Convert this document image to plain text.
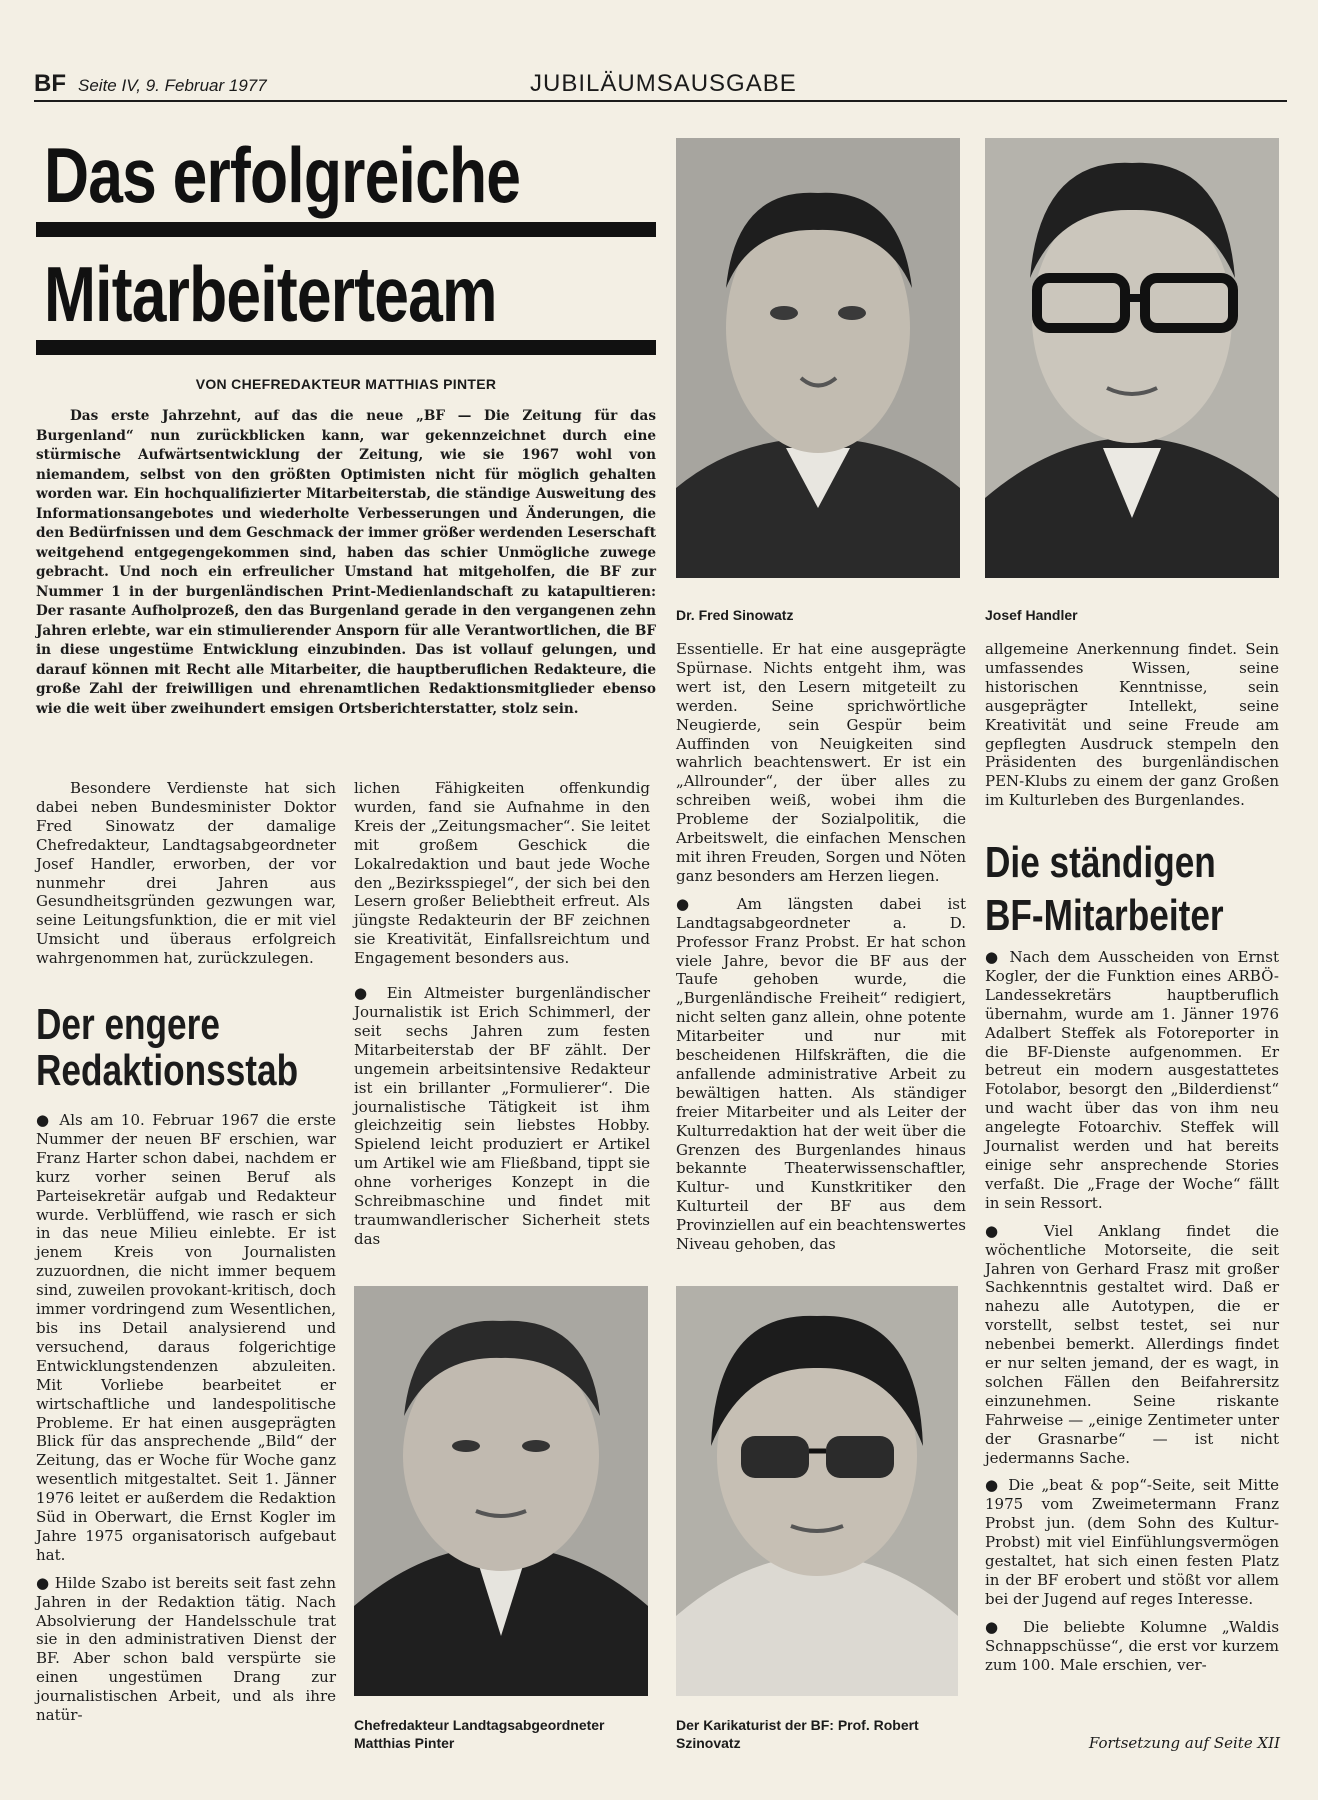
BF Seite IV, 9. Februar 1977	JUBILÄUMSAUSGABE
Das erfolgreiche
Mitarbeiterteam
VON CHEFREDAKTEUR MATTHIAS PINTER
Das erste Jahrzehnt, auf das die neue „BF — Die Zeitung für das Burgenland“ nun zurückblicken kann, war gekennzeichnet durch eine stürmische Aufwärtsentwicklung der Zeitung, wie sie 1967 wohl von niemandem, selbst von den größten Optimisten nicht für möglich gehalten worden war. Ein hochqualifizierter Mitarbeiterstab, die ständige Ausweitung des Informationsangebotes und wiederholte Verbesserungen und Änderungen, die den Bedürfnissen und dem Geschmack der immer größer werdenden Leserschaft weitgehend entgegengekommen sind, haben das schier Unmögliche zuwege gebracht. Und noch ein erfreulicher Umstand hat mitgeholfen, die BF zur Nummer 1 in der burgenländischen Print-Medienlandschaft zu katapultieren: Der rasante Aufholprozeß, den das Burgenland gerade in den vergangenen zehn Jahren erlebte, war ein stimulierender Ansporn für alle Verantwortlichen, die BF in diese ungestüme Entwicklung einzubinden. Das ist vollauf gelungen, und darauf können mit Recht alle Mitarbeiter, die hauptberuflichen Redakteure, die große Zahl der freiwilligen und ehrenamtlichen Redaktionsmitglieder ebenso wie die weit über zweihundert emsigen Ortsberichterstatter, stolz sein.
Dr. Fred Sinowatz	Josef Handler

Besondere Verdienste hat sich dabei neben Bundesminister Doktor Fred Sinowatz der damalige Chefredakteur, Landtagsabgeordneter Josef Handler, erworben, der vor nunmehr drei Jahren aus Gesundheitsgründen gezwungen war, seine Leitungsfunktion, die er mit viel Umsicht und überaus erfolgreich wahrgenommen hat, zurückzulegen.

Der engere Redaktionsstab

● Als am 10. Februar 1967 die erste Nummer der neuen BF erschien, war Franz Harter schon dabei, nachdem er kurz vorher seinen Beruf als Parteisekretär aufgab und Redakteur wurde. Verblüffend, wie rasch er sich in das neue Milieu einlebte. Er ist jenem Kreis von Journalisten zuzuordnen, die nicht immer bequem sind, zuweilen provokant-kritisch, doch immer vordringend zum Wesentlichen, bis ins Detail analysierend und versuchend, daraus folgerichtige Entwicklungstendenzen abzuleiten. Mit Vorliebe bearbeitet er wirtschaftliche und landespolitische Probleme. Er hat einen ausgeprägten Blick für das ansprechende „Bild“ der Zeitung, das er Woche für Woche ganz wesentlich mitgestaltet. Seit 1. Jänner 1976 leitet er außerdem die Redaktion Süd in Oberwart, die Ernst Kogler im Jahre 1975 organisatorisch aufgebaut hat.

● Hilde Szabo ist bereits seit fast zehn Jahren in der Redaktion tätig. Nach Absolvierung der Handelsschule trat sie in den administrativen Dienst der BF. Aber schon bald verspürte sie einen ungestümen Drang zur journalistischen Arbeit, und als ihre natür-

lichen Fähigkeiten offenkundig wurden, fand sie Aufnahme in den Kreis der „Zeitungsmacher“. Sie leitet mit großem Geschick die Lokalredaktion und baut jede Woche den „Bezirksspiegel“, der sich bei den Lesern großer Beliebtheit erfreut. Als jüngste Redakteurin der BF zeichnen sie Kreativität, Einfallsreichtum und Engagement besonders aus.

● Ein Altmeister burgenländischer Journalistik ist Erich Schimmerl, der seit sechs Jahren zum festen Mitarbeiterstab der BF zählt. Der ungemein arbeitsintensive Redakteur ist ein brillanter „Formulierer“. Die journalistische Tätigkeit ist ihm gleichzeitig sein liebstes Hobby. Spielend leicht produziert er Artikel um Artikel wie am Fließband, tippt sie ohne vorheriges Konzept in die Schreibmaschine und findet mit traumwandlerischer Sicherheit stets das

Essentielle. Er hat eine ausgeprägte Spürnase. Nichts entgeht ihm, was wert ist, den Lesern mitgeteilt zu werden. Seine sprichwörtliche Neugierde, sein Gespür beim Auffinden von Neuigkeiten sind wahrlich beachtenswert. Er ist ein „Allrounder“, der über alles zu schreiben weiß, wobei ihm die Probleme der Sozialpolitik, die Arbeitswelt, die einfachen Menschen mit ihren Freuden, Sorgen und Nöten ganz besonders am Herzen liegen.

● Am längsten dabei ist Landtagsabgeordneter a. D. Professor Franz Probst. Er hat schon viele Jahre, bevor die BF aus der Taufe gehoben wurde, die „Burgenländische Freiheit“ redigiert, nicht selten ganz allein, ohne potente Mitarbeiter und nur mit bescheidenen Hilfskräften, die die anfallende administrative Arbeit zu bewältigen hatten. Als ständiger freier Mitarbeiter und als Leiter der Kulturredaktion hat der weit über die Grenzen des Burgenlandes hinaus bekannte Theaterwissenschaftler, Kultur- und Kunstkritiker den Kulturteil der BF aus dem Provinziellen auf ein beachtenswertes Niveau gehoben, das

allgemeine Anerkennung findet. Sein umfassendes Wissen, seine historischen Kenntnisse, sein ausgeprägter Intellekt, seine Kreativität und seine Freude am gepflegten Ausdruck stempeln den Präsidenten des burgenländischen PEN-Klubs zu einem der ganz Großen im Kulturleben des Burgenlandes.

Die ständigen
BF-Mitarbeiter

● Nach dem Ausscheiden von Ernst Kogler, der die Funktion eines ARBÖ-Landessekretärs hauptberuflich übernahm, wurde am 1. Jänner 1976 Adalbert Steffek als Fotoreporter in die BF-Dienste aufgenommen. Er betreut ein modern ausgestattetes Fotolabor, besorgt den „Bilderdienst“ und wacht über das von ihm neu angelegte Fotoarchiv. Steffek will Journalist werden und hat bereits einige sehr ansprechende Stories verfaßt. Die „Frage der Woche“ fällt in sein Ressort.

● Viel Anklang findet die wöchentliche Motorseite, die seit Jahren von Gerhard Frasz mit großer Sachkenntnis gestaltet wird. Daß er nahezu alle Autotypen, die er vorstellt, selbst testet, sei nur nebenbei bemerkt. Allerdings findet er nur selten jemand, der es wagt, in solchen Fällen den Beifahrersitz einzunehmen. Seine riskante Fahrweise — „einige Zentimeter unter der Grasnarbe“ — ist nicht jedermanns Sache.

● Die „beat & pop“-Seite, seit Mitte 1975 vom Zweimetermann Franz Probst jun. (dem Sohn des Kultur-Probst) mit viel Einfühlungsvermögen gestaltet, hat sich einen festen Platz in der BF erobert und stößt vor allem bei der Jugend auf reges Interesse.

● Die beliebte Kolumne „Waldis Schnappschüsse“, die erst vor kurzem zum 100. Male erschien, ver-

Chefredakteur Landtagsabgeordneter Matthias Pinter
Der Karikaturist der BF: Prof. Robert Szinovatz	Fortsetzung auf Seite XII
